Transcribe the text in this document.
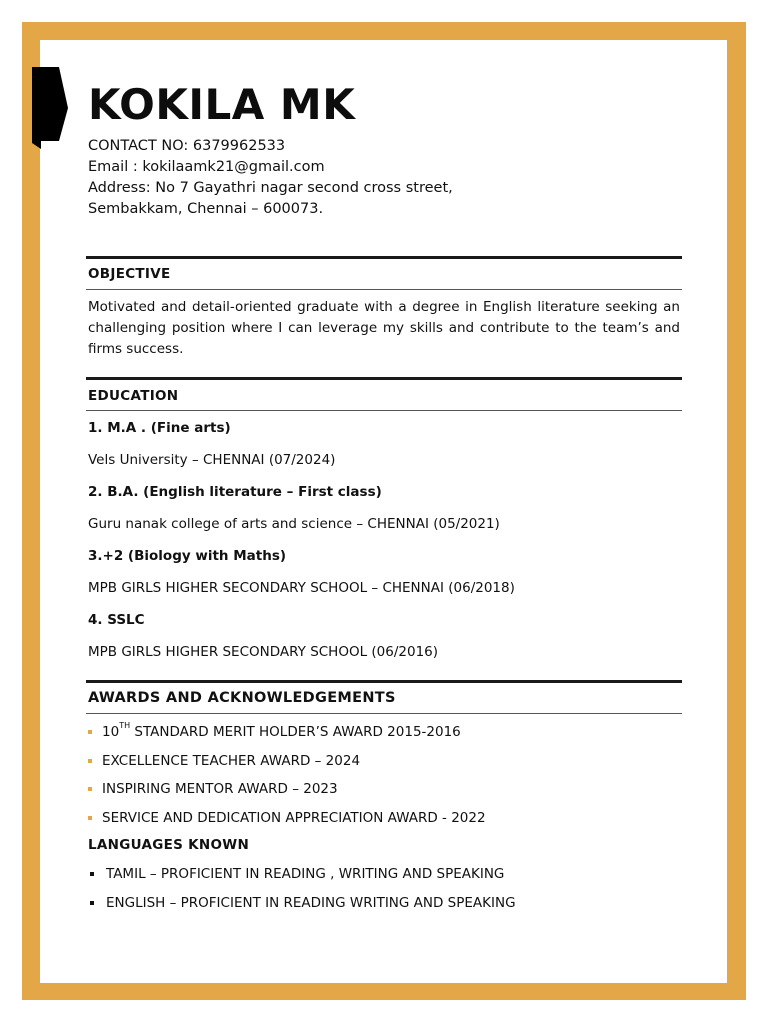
KOKILA MK
CONTACT NO: 6379962533
Email : kokilaamk21@gmail.com
Address: No 7 Gayathri nagar second cross street,
Sembakkam, Chennai – 600073.
OBJECTIVE
Motivated and detail-oriented graduate with a degree in English literature seeking an challenging position where I can leverage my skills and contribute to the team’s and firms success.
EDUCATION
1. M.A . (Fine arts)
Vels University – CHENNAI (07/2024)
2. B.A. (English literature – First class)
Guru nanak college of arts and science – CHENNAI (05/2021)
3.+2 (Biology with Maths)
MPB GIRLS HIGHER SECONDARY SCHOOL – CHENNAI (06/2018)
4. SSLC
MPB GIRLS HIGHER SECONDARY SCHOOL (06/2016)
AWARDS AND ACKNOWLEDGEMENTS
10TH STANDARD MERIT HOLDER’S AWARD 2015-2016
EXCELLENCE TEACHER AWARD – 2024
INSPIRING MENTOR AWARD – 2023
SERVICE AND DEDICATION APPRECIATION AWARD - 2022
LANGUAGES KNOWN
TAMIL – PROFICIENT IN READING , WRITING AND SPEAKING
ENGLISH – PROFICIENT IN READING WRITING AND SPEAKING
